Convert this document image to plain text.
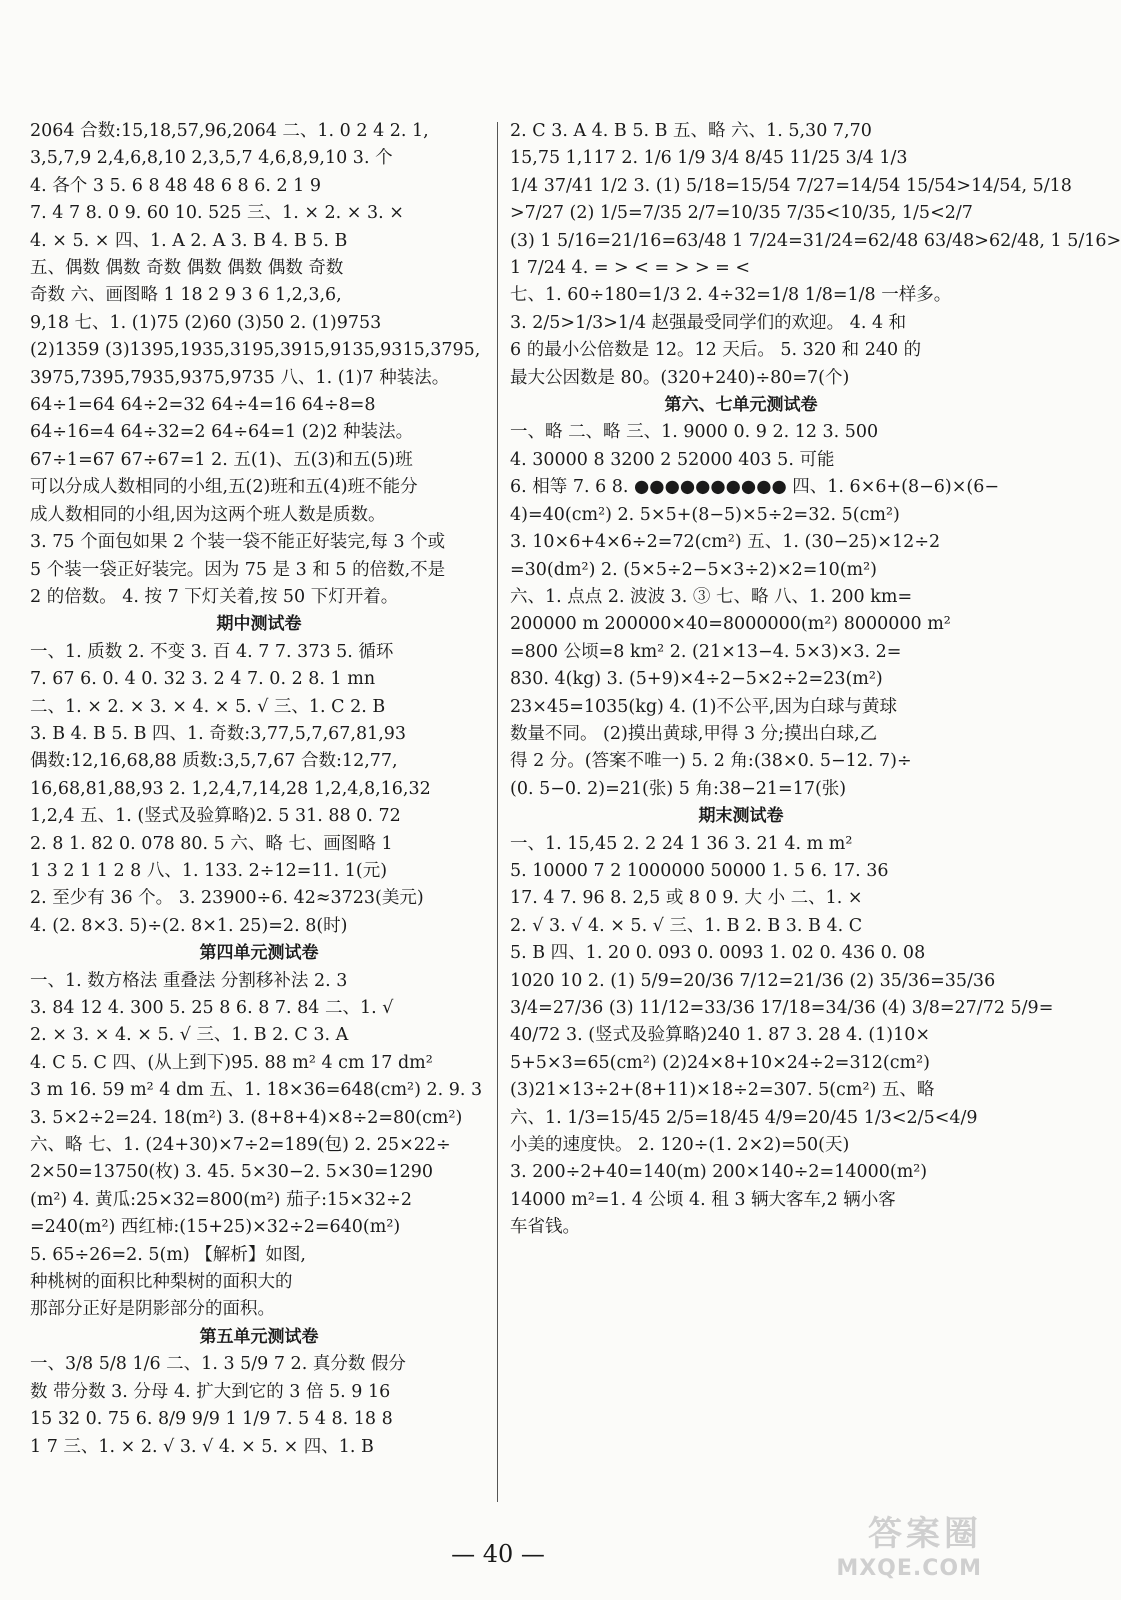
2064 合数:15,18,57,96,2064 二、1. 0 2 4 2. 1,
3,5,7,9 2,4,6,8,10 2,3,5,7 4,6,8,9,10 3. 个
4. 各个 3 5. 6 8 48 48 6 8 6. 2 1 9
7. 4 7 8. 0 9. 60 10. 525 三、1. × 2. × 3. ×
4. × 5. × 四、1. A 2. A 3. B 4. B 5. B
五、偶数 偶数 奇数 偶数 偶数 偶数 奇数
奇数 六、画图略 1 18 2 9 3 6 1,2,3,6,
9,18 七、1. (1)75 (2)60 (3)50 2. (1)9753
(2)1359 (3)1395,1935,3195,3915,9135,9315,3795,
3975,7395,7935,9375,9735 八、1. (1)7 种装法。
64÷1=64 64÷2=32 64÷4=16 64÷8=8
64÷16=4 64÷32=2 64÷64=1 (2)2 种装法。
67÷1=67 67÷67=1 2. 五(1)、五(3)和五(5)班
可以分成人数相同的小组,五(2)班和五(4)班不能分
成人数相同的小组,因为这两个班人数是质数。
3. 75 个面包如果 2 个装一袋不能正好装完,每 3 个或
5 个装一袋正好装完。因为 75 是 3 和 5 的倍数,不是
2 的倍数。 4. 按 7 下灯关着,按 50 下灯开着。
期中测试卷
一、1. 质数 2. 不变 3. 百 4. 7 7. 373 5. 循环
7. 67 6. 0. 4 0. 32 3. 2 4 7. 0. 2 8. 1 mn
二、1. × 2. × 3. × 4. × 5. √ 三、1. C 2. B
3. B 4. B 5. B 四、1. 奇数:3,77,5,7,67,81,93
偶数:12,16,68,88 质数:3,5,7,67 合数:12,77,
16,68,81,88,93 2. 1,2,4,7,14,28 1,2,4,8,16,32
1,2,4 五、1. (竖式及验算略)2. 5 31. 88 0. 72
2. 8 1. 82 0. 078 80. 5 六、略 七、画图略 1
1 3 2 1 1 2 8 八、1. 133. 2÷12=11. 1(元)
2. 至少有 36 个。 3. 23900÷6. 42≈3723(美元)
4. (2. 8×3. 5)÷(2. 8×1. 25)=2. 8(时)
第四单元测试卷
一、1. 数方格法 重叠法 分割移补法 2. 3
3. 84 12 4. 300 5. 25 8 6. 8 7. 84 二、1. √
2. × 3. × 4. × 5. √ 三、1. B 2. C 3. A
4. C 5. C 四、(从上到下)95. 88 m² 4 cm 17 dm²
3 m 16. 59 m² 4 dm 五、1. 18×36=648(cm²) 2. 9. 3
3. 5×2÷2=24. 18(m²) 3. (8+8+4)×8÷2=80(cm²)
六、略 七、1. (24+30)×7÷2=189(包) 2. 25×22÷
2×50=13750(枚) 3. 45. 5×30−2. 5×30=1290
(m²) 4. 黄瓜:25×32=800(m²) 茄子:15×32÷2
=240(m²) 西红柿:(15+25)×32÷2=640(m²)
5. 65÷26=2. 5(m) 【解析】如图,
种桃树的面积比种梨树的面积大的
那部分正好是阴影部分的面积。
第五单元测试卷
一、3/8 5/8 1/6 二、1. 3 5/9 7 2. 真分数 假分
数 带分数 3. 分母 4. 扩大到它的 3 倍 5. 9 16
15 32 0. 75 6. 8/9 9/9 1 1/9 7. 5 4 8. 18 8
1 7 三、1. × 2. √ 3. √ 4. × 5. × 四、1. B
2. C 3. A 4. B 5. B 五、略 六、1. 5,30 7,70
15,75 1,117 2. 1/6 1/9 3/4 8/45 11/25 3/4 1/3
1/4 37/41 1/2 3. (1) 5/18=15/54 7/27=14/54 15/54>14/54, 5/18
>7/27 (2) 1/5=7/35 2/7=10/35 7/35<10/35, 1/5<2/7
(3) 1 5/16=21/16=63/48 1 7/24=31/24=62/48 63/48>62/48, 1 5/16>
1 7/24 4. = > < = > > = <
七、1. 60÷180=1/3 2. 4÷32=1/8 1/8=1/8 一样多。
3. 2/5>1/3>1/4 赵强最受同学们的欢迎。 4. 4 和
6 的最小公倍数是 12。12 天后。 5. 320 和 240 的
最大公因数是 80。(320+240)÷80=7(个)
第六、七单元测试卷
一、略 二、略 三、1. 9000 0. 9 2. 12 3. 500
4. 30000 8 3200 2 52000 403 5. 可能
6. 相等 7. 6 8. ●●●●●●●●●● 四、1. 6×6+(8−6)×(6−
4)=40(cm²) 2. 5×5+(8−5)×5÷2=32. 5(cm²)
3. 10×6+4×6÷2=72(cm²) 五、1. (30−25)×12÷2
=30(dm²) 2. (5×5÷2−5×3÷2)×2=10(m²)
六、1. 点点 2. 波波 3. ③ 七、略 八、1. 200 km=
200000 m 200000×40=8000000(m²) 8000000 m²
=800 公顷=8 km² 2. (21×13−4. 5×3)×3. 2=
830. 4(kg) 3. (5+9)×4÷2−5×2÷2=23(m²)
23×45=1035(kg) 4. (1)不公平,因为白球与黄球
数量不同。 (2)摸出黄球,甲得 3 分;摸出白球,乙
得 2 分。(答案不唯一) 5. 2 角:(38×0. 5−12. 7)÷
(0. 5−0. 2)=21(张) 5 角:38−21=17(张)
期末测试卷
一、1. 15,45 2. 2 24 1 36 3. 21 4. m m²
5. 10000 7 2 1000000 50000 1. 5 6. 17. 36
17. 4 7. 96 8. 2,5 或 8 0 9. 大 小 二、1. ×
2. √ 3. √ 4. × 5. √ 三、1. B 2. B 3. B 4. C
5. B 四、1. 20 0. 093 0. 0093 1. 02 0. 436 0. 08
1020 10 2. (1) 5/9=20/36 7/12=21/36 (2) 35/36=35/36
3/4=27/36 (3) 11/12=33/36 17/18=34/36 (4) 3/8=27/72 5/9=
40/72 3. (竖式及验算略)240 1. 87 3. 28 4. (1)10×
5+5×3=65(cm²) (2)24×8+10×24÷2=312(cm²)
(3)21×13÷2+(8+11)×18÷2=307. 5(cm²) 五、略
六、1. 1/3=15/45 2/5=18/45 4/9=20/45 1/3<2/5<4/9
小美的速度快。 2. 120÷(1. 2×2)=50(天)
3. 200÷2+40=140(m) 200×140÷2=14000(m²)
14000 m²=1. 4 公顷 4. 租 3 辆大客车,2 辆小客
车省钱。
— 40 —	答案圈
MXQE.COM
